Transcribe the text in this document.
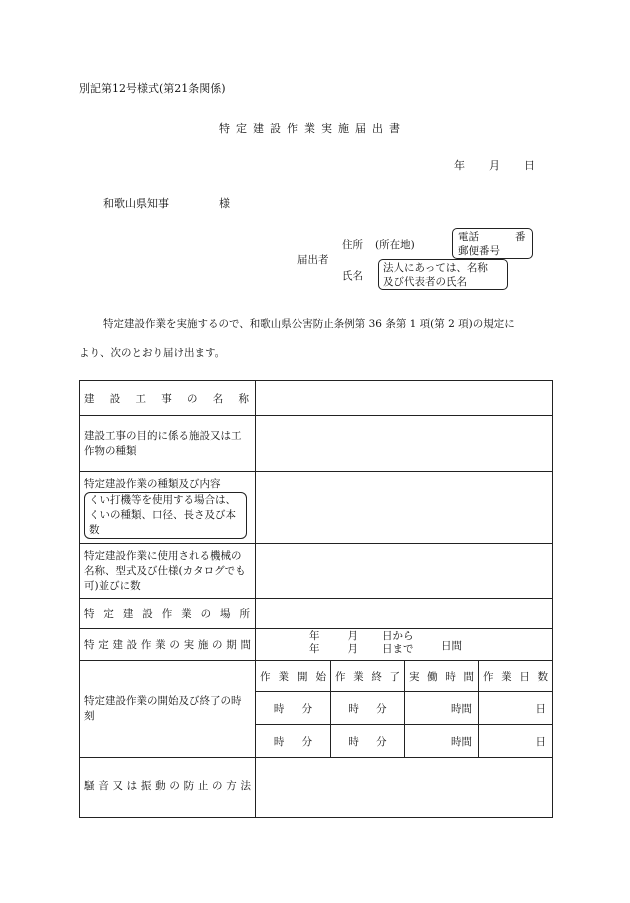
別記第12号様式(第21条関係)
特定建設作業実施届出書
年 月 日
和歌山県知事	様
届出者
住所 (所在地)
電話	番
郵便番号
氏名
法人にあっては、名称
及び代表者の氏名
特定建設作業を実施するので、和歌山県公害防止条例第 36 条第 1 項(第 2 項)の規定に
より、次のとおり届け出ます。
建設工事の名称				
建設工事の目的に係る施設又は工作物の種類				

特定建設作業の種類及び内容
くい打機等を使用する場合は、くいの種類、口径、長さ及び本数				

特定建設作業に使用される機械の名称、型式及び仕様(カタログでも可)並びに数				
特定建設作業の場所				
特定建設作業の実施の期間	年 月 日から
年 月 日まで 日間			

特定建設作業の開始及び終了の時刻	作業開始	作業終了	実働時間	作業日数
	時 分	時 分	時間	日
	時 分	時 分	時間	日
騒音又は振動の防止の方法				
